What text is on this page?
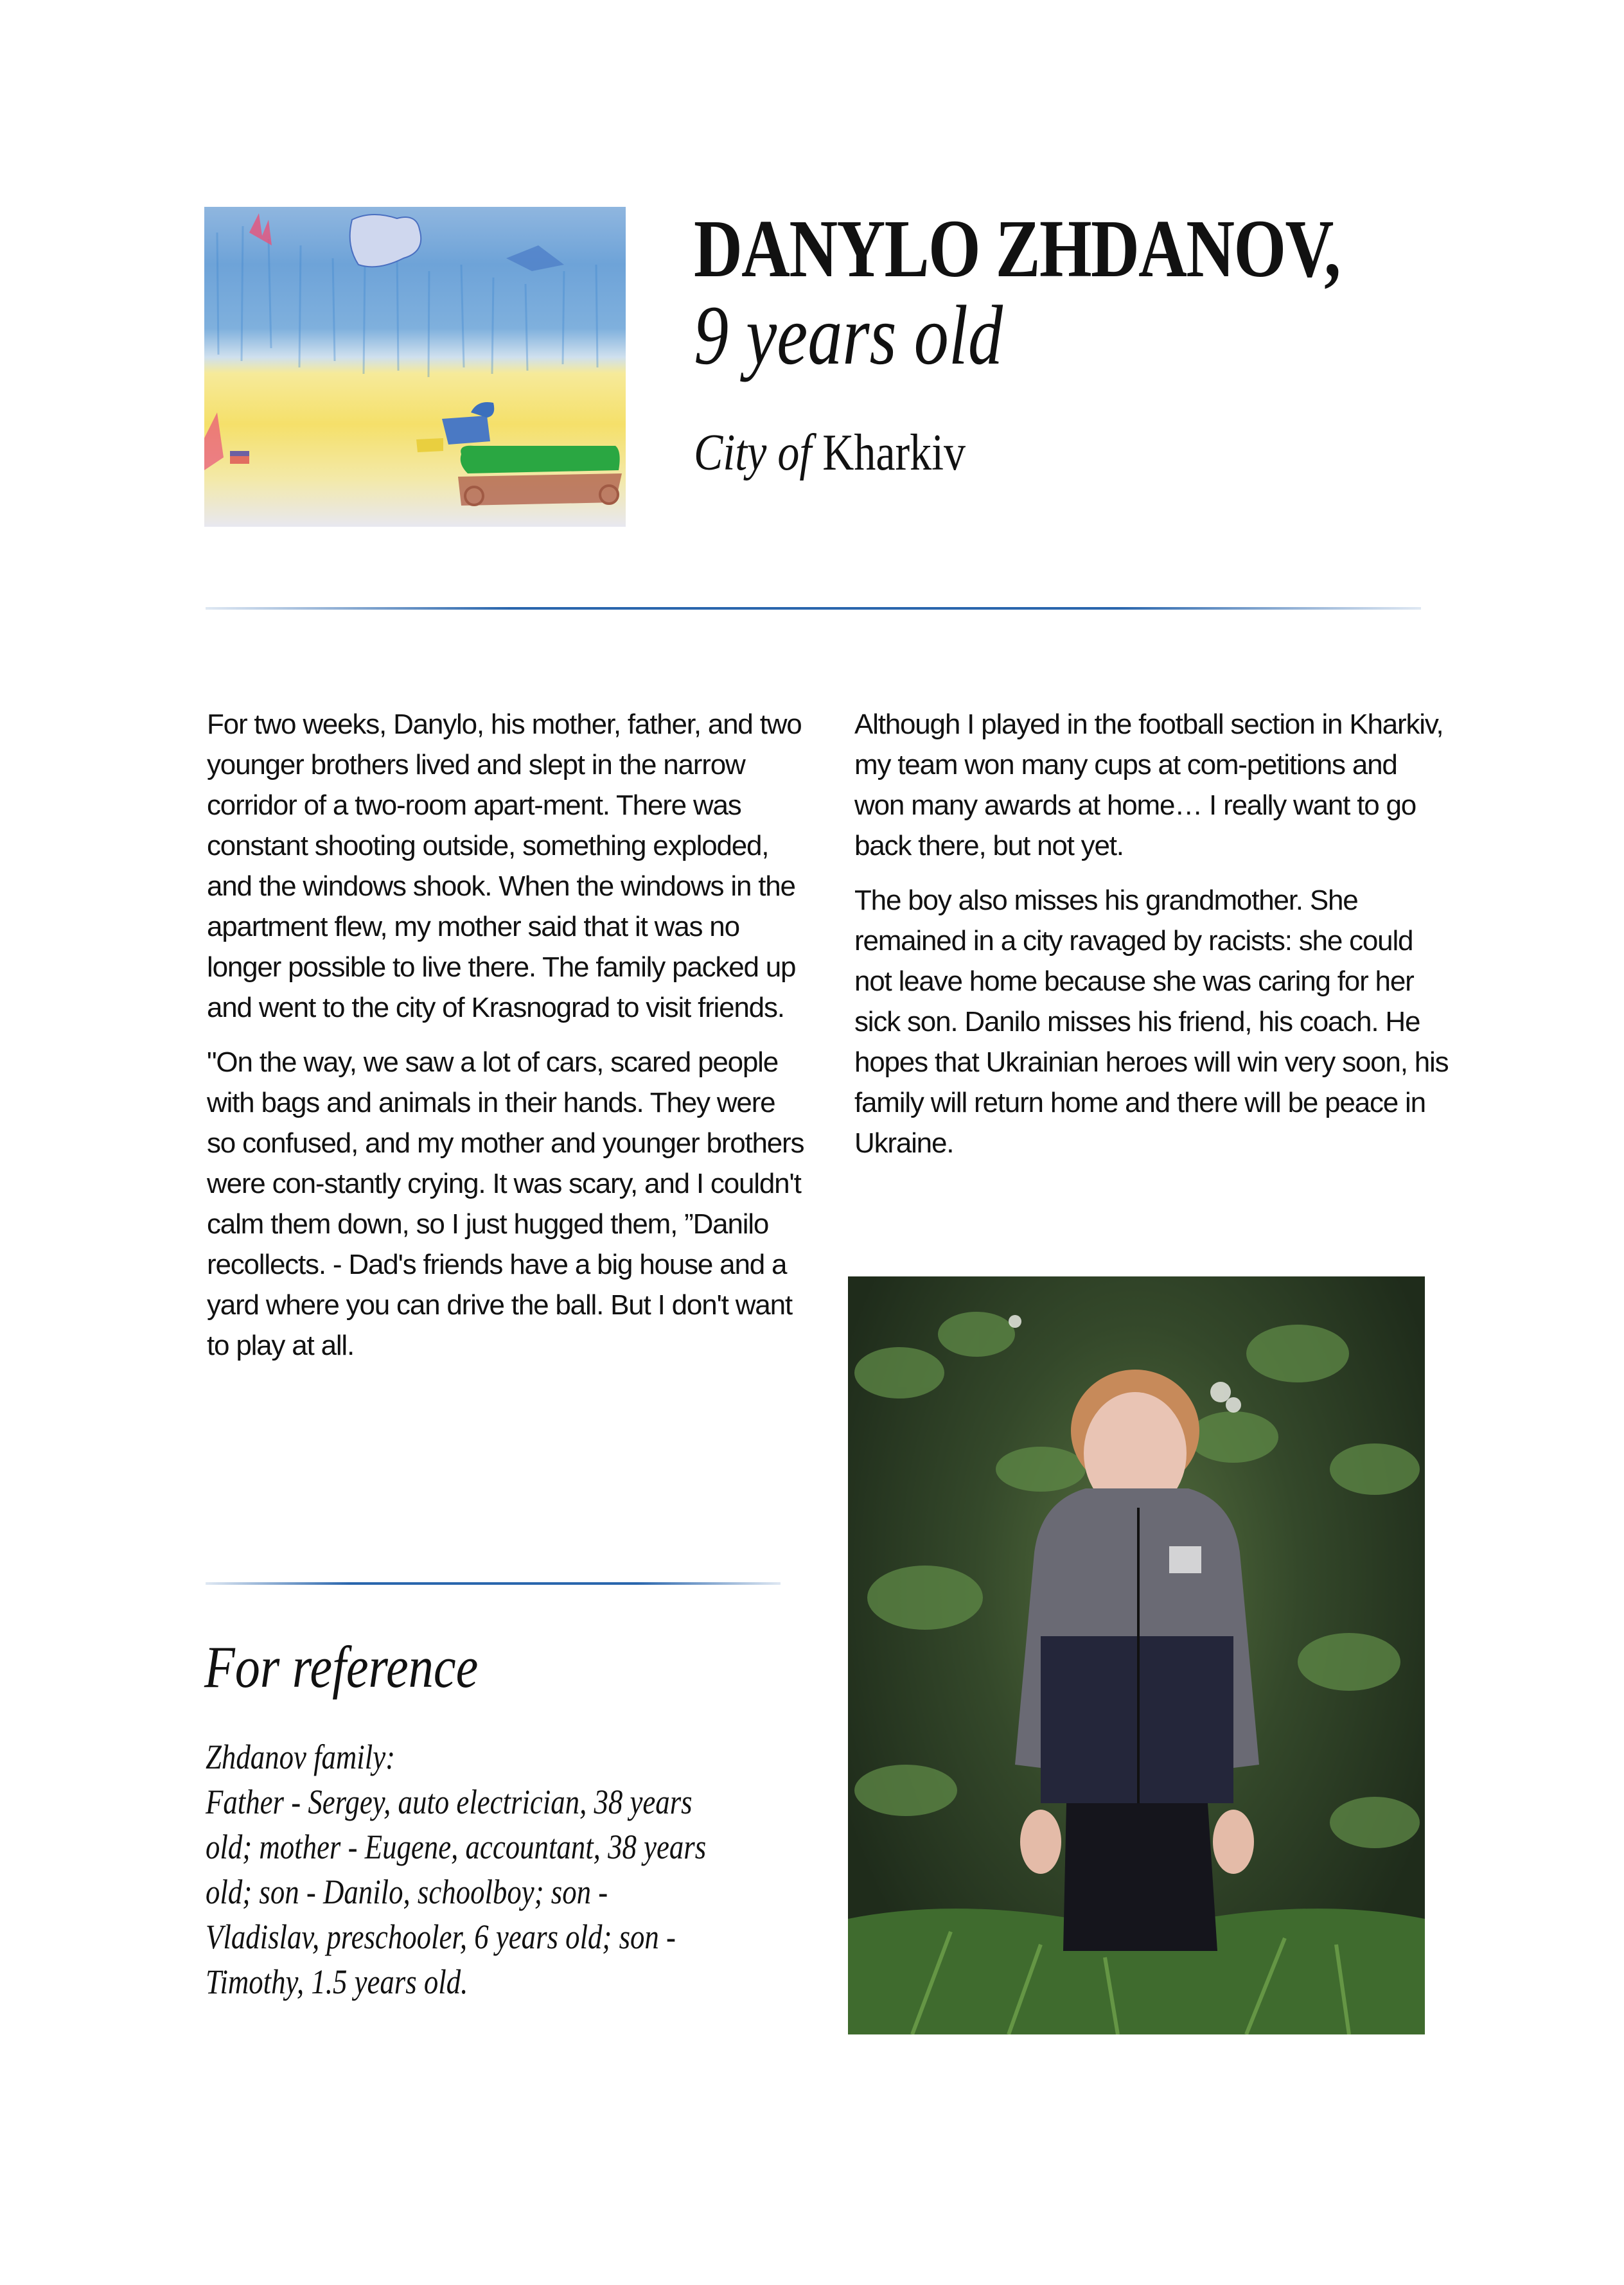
DANYLO ZHDANOV,
9 years old
City of Kharkiv

For two weeks, Danylo, his mother, father, and two younger brothers lived and slept in the narrow corridor of a two-room apart-ment. There was constant shooting outside, something exploded, and the windows shook. When the windows in the apartment flew, my mother said that it was no longer possible to live there. The family packed up and went to the city of Krasnograd to visit friends.

"On the way, we saw a lot of cars, scared people with bags and animals in their hands. They were so confused, and my mother and younger brothers were con-stantly crying. It was scary, and I couldn't calm them down, so I just hugged them, ”Danilo recollects. - Dad's friends have a big house and a yard where you can drive the ball. But I don't want to play at all.

Although I played in the football section in Kharkiv, my team won many cups at com-petitions and won many awards at home… I really want to go back there, but not yet.

The boy also misses his grandmother. She remained in a city ravaged by racists: she could not leave home because she was caring for her sick son. Danilo misses his friend, his coach. He hopes that Ukrainian heroes will win very soon, his family will return home and there will be peace in Ukraine.

For reference
Zhdanov family:
Father - Sergey, auto electrician, 38 years
old; mother - Eugene, accountant, 38 years
old; son - Danilo, schoolboy; son -
Vladislav, preschooler, 6 years old; son -
Timothy, 1.5 years old.
